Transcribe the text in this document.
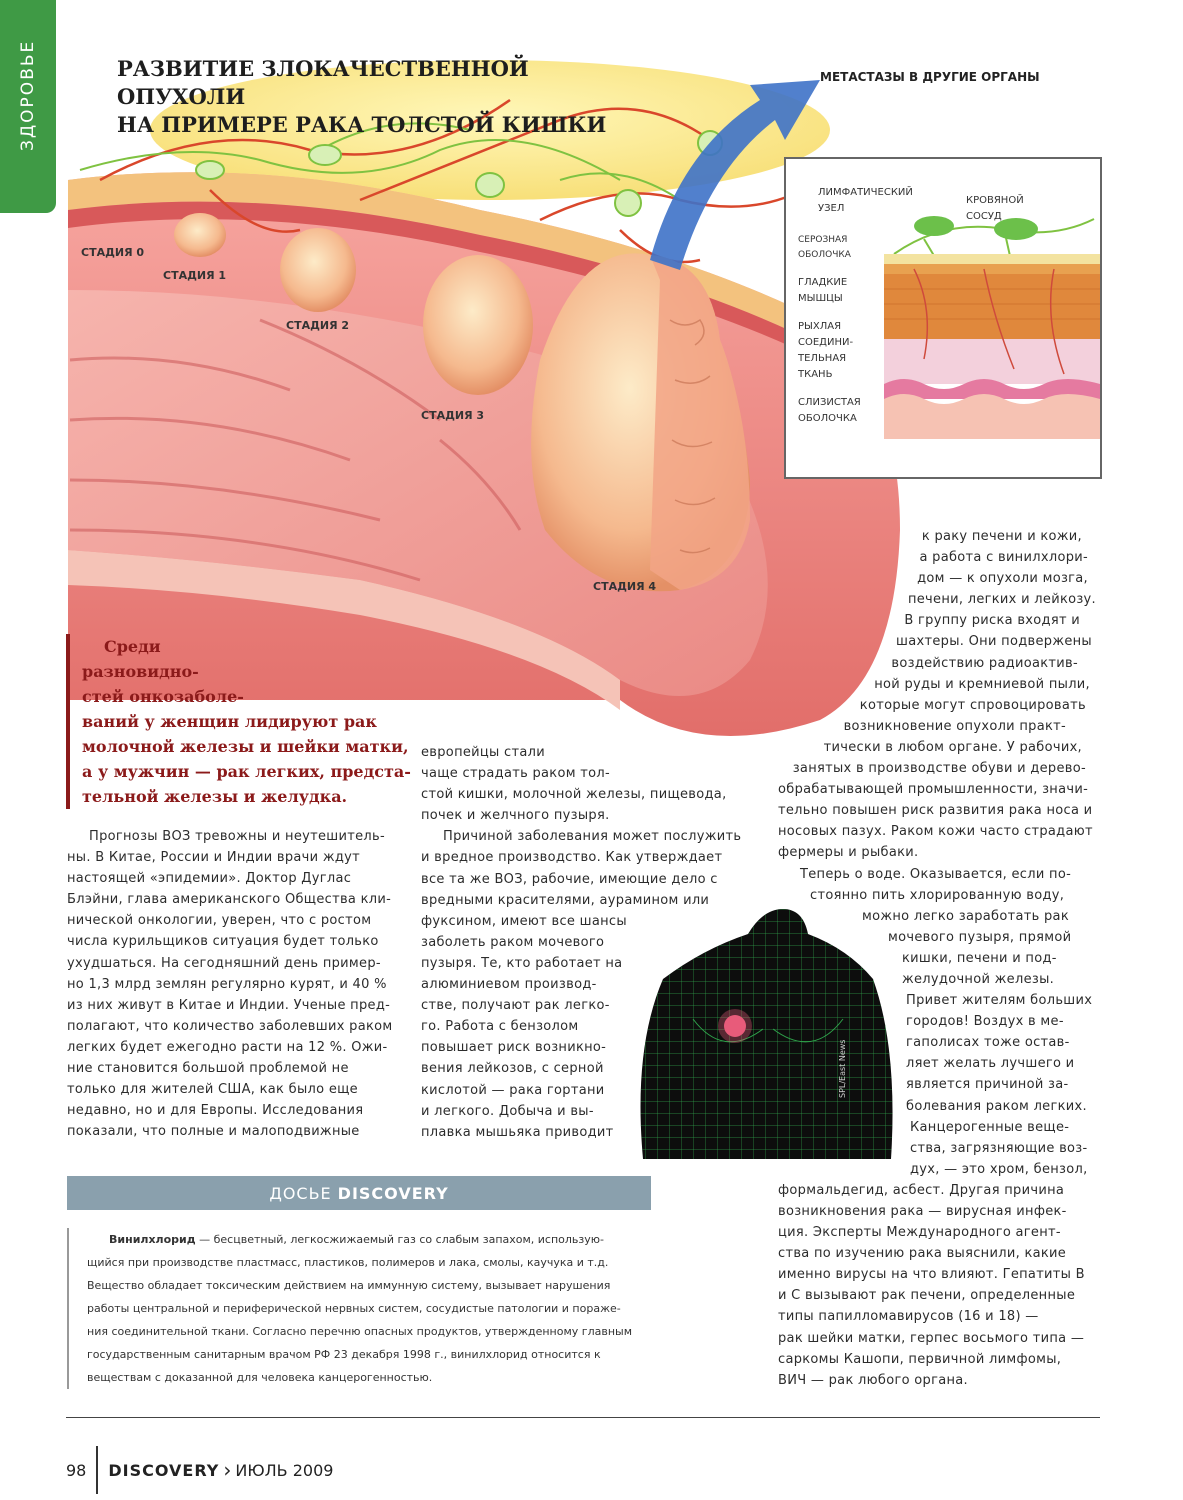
ЗДОРОВЬЕ
СТАДИЯ 0
СТАДИЯ 1
СТАДИЯ 2
СТАДИЯ 3
СТАДИЯ 4
РАЗВИТИЕ ЗЛОКАЧЕСТВЕННОЙ ОПУХОЛИ
НА ПРИМЕРЕ РАКА ТОЛСТОЙ КИШКИ
МЕТАСТАЗЫ В ДРУГИЕ ОРГАНЫ
ЛИМФАТИЧЕСКИЙ
УЗЕЛ
КРОВЯНОЙ
СОСУД
СЕРОЗНАЯ
ОБОЛОЧКА
ГЛАДКИЕ
МЫШЦЫ
РЫХЛАЯ
СОЕДИНИ-
ТЕЛЬНАЯ
ТКАНЬ
СЛИЗИСТАЯ
ОБОЛОЧКА
Среди
разновидно-
стей онкозаболе-
ваний у женщин лидируют рак
молочной железы и шейки матки,
а у мужчин — рак легких, предста-
тельной железы и желудка.
Прогнозы ВОЗ тревожны и неутешитель-
ны. В Китае, России и Индии врачи ждут
настоящей «эпидемии». Доктор Дуглас
Блэйни, глава американского Общества кли-
нической онкологии, уверен, что с ростом
числа курильщиков ситуация будет только
ухудшаться. На сегодняшний день пример-
но 1,3 млрд землян регулярно курят, и 40 %
из них живут в Китае и Индии. Ученые пред-
полагают, что количество заболевших раком
легких будет ежегодно расти на 12 %. Ожи-
ние становится большой проблемой не
только для жителей США, как было еще
недавно, но и для Европы. Исследования
показали, что полные и малоподвижные
европейцы стали
чаще страдать раком тол-
стой кишки, молочной железы, пищевода,
почек и желчного пузыря.
Причиной заболевания может послужить
и вредное производство. Как утверждает
все та же ВОЗ, рабочие, имеющие дело с
вредными красителями, аурамином или
фуксином, имеют все шансы
заболеть раком мочевого
пузыря. Те, кто работает на
алюминиевом производ-
стве, получают рак легко-
го. Работа с бензолом
повышает риск возникно-
вения лейкозов, с серной
кислотой — рака гортани
и легкого. Добыча и вы-
плавка мышьяка приводит
SPL/East News
к раку печени и кожи,
а работа с винилхлори-
дом — к опухоли мозга,
печени, легких и лейкозу.
В группу риска входят и
шахтеры. Они подвержены
воздействию радиоактив-
ной руды и кремниевой пыли,
которые могут спровоцировать
возникновение опухоли практ-
тически в любом органе. У рабочих,
занятых в производстве обуви и дерево-
обрабатывающей промышленности, значи-
тельно повышен риск развития рака носа и
носовых пазух. Раком кожи часто страдают
фермеры и рыбаки.
Теперь о воде. Оказывается, если по-
стоянно пить хлорированную воду,
можно легко заработать рак
мочевого пузыря, прямой
кишки, печени и под-
желудочной железы.
Привет жителям больших
городов! Воздух в ме-
гаполисах тоже остав-
ляет желать лучшего и
является причиной за-
болевания раком легких.
Канцерогенные веще-
ства, загрязняющие воз-
дух, — это хром, бензол,
формальдегид, асбест. Другая причина
возникновения рака — вирусная инфек-
ция. Эксперты Международного агент-
ства по изучению рака выяснили, какие
именно вирусы на что влияют. Гепатиты В
и С вызывают рак печени, определенные
типы папилломавирусов (16 и 18) —
рак шейки матки, герпес восьмого типа —
саркомы Кашопи, первичной лимфомы,
ВИЧ — рак любого органа.
ДОСЬЕ DISCOVERY
Винилхлорид — бесцветный, легкосжижаемый газ со слабым запахом, использую-
щийся при производстве пластмасс, пластиков, полимеров и лака, смолы, каучука и т.д.
Вещество обладает токсическим действием на иммунную систему, вызывает нарушения
работы центральной и периферической нервных систем, сосудистые патологии и пораже-
ния соединительной ткани. Согласно перечню опасных продуктов, утвержденному главным
государственным санитарным врачом РФ 23 декабря 1998 г., винилхлорид относится к
веществам с доказанной для человека канцерогенностью.
98 DISCOVERY › ИЮЛЬ 2009
